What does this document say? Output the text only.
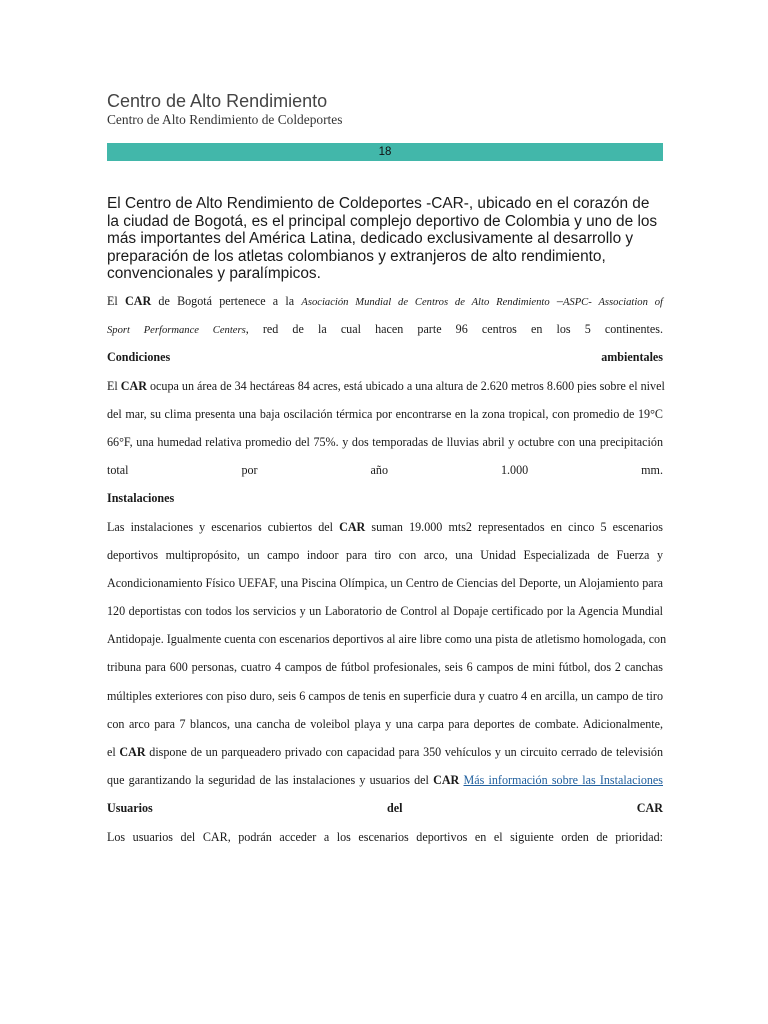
Centro de Alto Rendimiento
Centro de Alto Rendimiento de Coldeportes
18
El Centro de Alto Rendimiento de Coldeportes -CAR-, ubicado en el corazón de la ciudad de Bogotá, es el principal complejo deportivo de Colombia y uno de los más importantes del América Latina, dedicado exclusivamente al desarrollo y preparación de los atletas colombianos y extranjeros de alto rendimiento, convencionales y paralímpicos.
El CAR de Bogotá pertenece a la Asociación Mundial de Centros de Alto Rendimiento –ASPC- Association of
Sport Performance Centers, red de la cual hacen parte 96 centros en los 5 continentes.
Condiciones	ambientales
El CAR ocupa un área de 34 hectáreas 84 acres, está ubicado a una altura de 2.620 metros 8.600 pies sobre el nivel
del mar, su clima presenta una baja oscilación térmica por encontrarse en la zona tropical, con promedio de 19°C
66°F, una humedad relativa promedio del 75%. y dos temporadas de lluvias abril y octubre con una precipitación
total	por	año	1.000	mm.
Instalaciones
Las instalaciones y escenarios cubiertos del CAR suman 19.000 mts2 representados en cinco 5 escenarios
deportivos multipropósito, un campo indoor para tiro con arco, una Unidad Especializada de Fuerza y
Acondicionamiento Físico UEFAF, una Piscina Olímpica, un Centro de Ciencias del Deporte, un Alojamiento para
120 deportistas con todos los servicios y un Laboratorio de Control al Dopaje certificado por la Agencia Mundial
Antidopaje. Igualmente cuenta con escenarios deportivos al aire libre como una pista de atletismo homologada, con
tribuna para 600 personas, cuatro 4 campos de fútbol profesionales, seis 6 campos de mini fútbol, dos 2 canchas
múltiples exteriores con piso duro, seis 6 campos de tenis en superficie dura y cuatro 4 en arcilla, un campo de tiro
con arco para 7 blancos, una cancha de voleibol playa y una carpa para deportes de combate. Adicionalmente,
el CAR dispone de un parqueadero privado con capacidad para 350 vehículos y un circuito cerrado de televisión
que garantizando la seguridad de las instalaciones y usuarios del CAR Más información sobre las Instalaciones
Usuarios	del	CAR
Los usuarios del CAR, podrán acceder a los escenarios deportivos en el siguiente orden de prioridad:
